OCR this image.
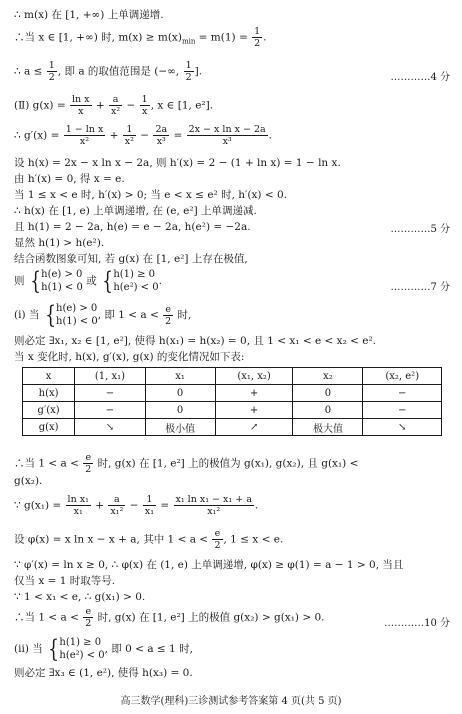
∴ m(x) 在 [1, +∞) 上单调递增.
∴当 x ∈ [1, +∞) 时, $m(x) \ge m(x)_{min} = m(1) = \frac{1}{2}$ .
∴ $a \le \frac{1}{2}$ , 即 a 的取值范围是 (−∞, $\frac{1}{2}$ ].	…………4 分
(Ⅱ) $g(x) = \frac{\text{ln x}}{x} + \frac{a}{\text{x²}} - \frac{1}{x}$ , x ∈ [1, e²].
∴ $g'(x) = \frac{\text{1 − ln x}}{\text{x²}} + \frac{1}{\text{x²}} - \frac{2a}{\text{x³}} = \frac{\text{2x − x ln x − 2a}}{\text{x³}}$ .
设 h(x) = 2x − x ln x − 2a, 则 h′(x) = 2 − (1 + ln x) = 1 − ln x.
由 h′(x) = 0, 得 x = e.
当 1 ≤ x < e 时, h′(x) > 0; 当 e < x ≤ e² 时, h′(x) < 0.
∴ h(x) 在 [1, e) 上单调递增, 在 (e, e²] 上单调递减.
且 h(1) = 2 − 2a, h(e) = e − 2a, h(e²) = −2a.	…………5 分
显然 h(1) > h(e²).
结合函数图象可知, 若 g(x) 在 [1, e²] 上存在极值,
则 {h(e) > 0
h(1) < 0 或 {h(1) ≥ 0
h(e²) < 0.
…………7 分
(ⅰ) 当 {h(e) > 0
h(1) < 0, 即 $1 < a < \frac{e}{2}$ 时,
则必定 ∃x₁, x₂ ∈ [1, e²], 使得 h(x₁) = h(x₂) = 0, 且 1 < x₁ < e < x₂ < e².
当 x 变化时, h(x), g′(x), g(x) 的变化情况如下表:
x	(1, x₁)	x₁	(x₁, x₂)	x₂	(x₂, e²)
h(x)	−	0	+	0	−
g′(x)	−	0	+	0	−
g(x)	↘	极小值	↗	极大值	↘
∴当 $1 < a < \frac{e}{2}$ 时, g(x) 在 [1, e²] 上的极值为 g(x₁), g(x₂), 且 g(x₁) <
g(x₂).
∵ $g(x_1) = \frac{\text{ln x₁}}{\text{x₁}} + \frac{a}{\text{x₁²}} - \frac{1}{\text{x₁}} = \frac{\text{x₁ ln x₁ − x₁ + a}}{\text{x₁²}}$ .
设 φ(x) = x ln x − x + a, 其中 $1 < a < \frac{e}{2}$ , 1 ≤ x < e.
∵ φ′(x) = ln x ≥ 0, ∴ φ(x) 在 (1, e) 上单调递增, φ(x) ≥ φ(1) = a − 1 > 0, 当且
仅当 x = 1 时取等号.
∵ 1 < x₁ < e, ∴ g(x₁) > 0.
∴当 $1 < a < \frac{e}{2}$ 时, g(x) 在 [1, e²] 上的极值 g(x₂) > g(x₁) > 0.	…………10 分
(ⅱ) 当 {h(1) ≥ 0
h(e²) < 0, 即 0 < a ≤ 1 时,
则必定 ∃x₃ ∈ (1, e²), 使得 h(x₃) = 0.
高三数学(理科)三诊测试参考答案第 4 页(共 5 页)
